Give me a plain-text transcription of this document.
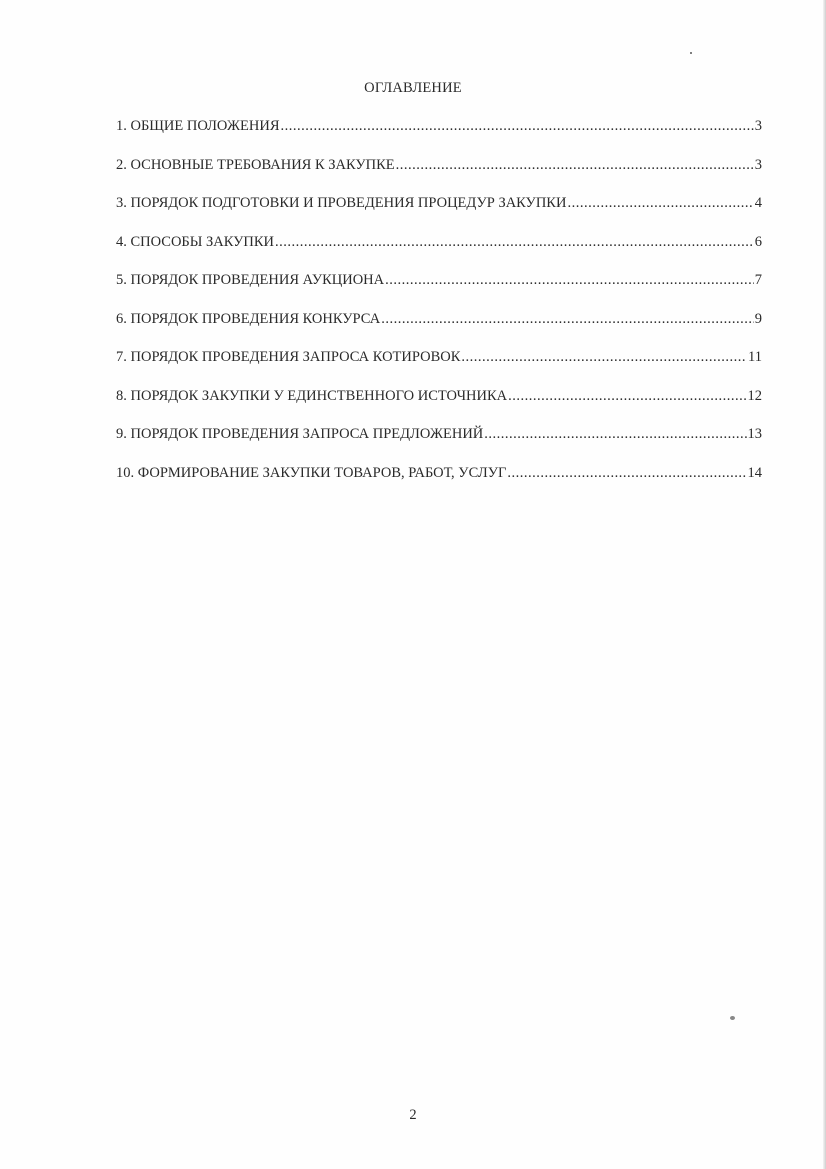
ОГЛАВЛЕНИЕ
1. ОБЩИЕ ПОЛОЖЕНИЯ .....	3
2. ОСНОВНЫЕ ТРЕБОВАНИЯ К ЗАКУПКЕ .....	3
3. ПОРЯДОК ПОДГОТОВКИ И ПРОВЕДЕНИЯ ПРОЦЕДУР ЗАКУПКИ .....	4
4. СПОСОБЫ ЗАКУПКИ .....	6
5. ПОРЯДОК ПРОВЕДЕНИЯ АУКЦИОНА .....	7
6. ПОРЯДОК ПРОВЕДЕНИЯ КОНКУРСА .....	9
7. ПОРЯДОК ПРОВЕДЕНИЯ ЗАПРОСА КОТИРОВОК .....	11
8. ПОРЯДОК ЗАКУПКИ У ЕДИНСТВЕННОГО ИСТОЧНИКА .....	12
9. ПОРЯДОК ПРОВЕДЕНИЯ ЗАПРОСА ПРЕДЛОЖЕНИЙ .....	13
10. ФОРМИРОВАНИЕ ЗАКУПКИ ТОВАРОВ, РАБОТ, УСЛУГ .....	14
2
